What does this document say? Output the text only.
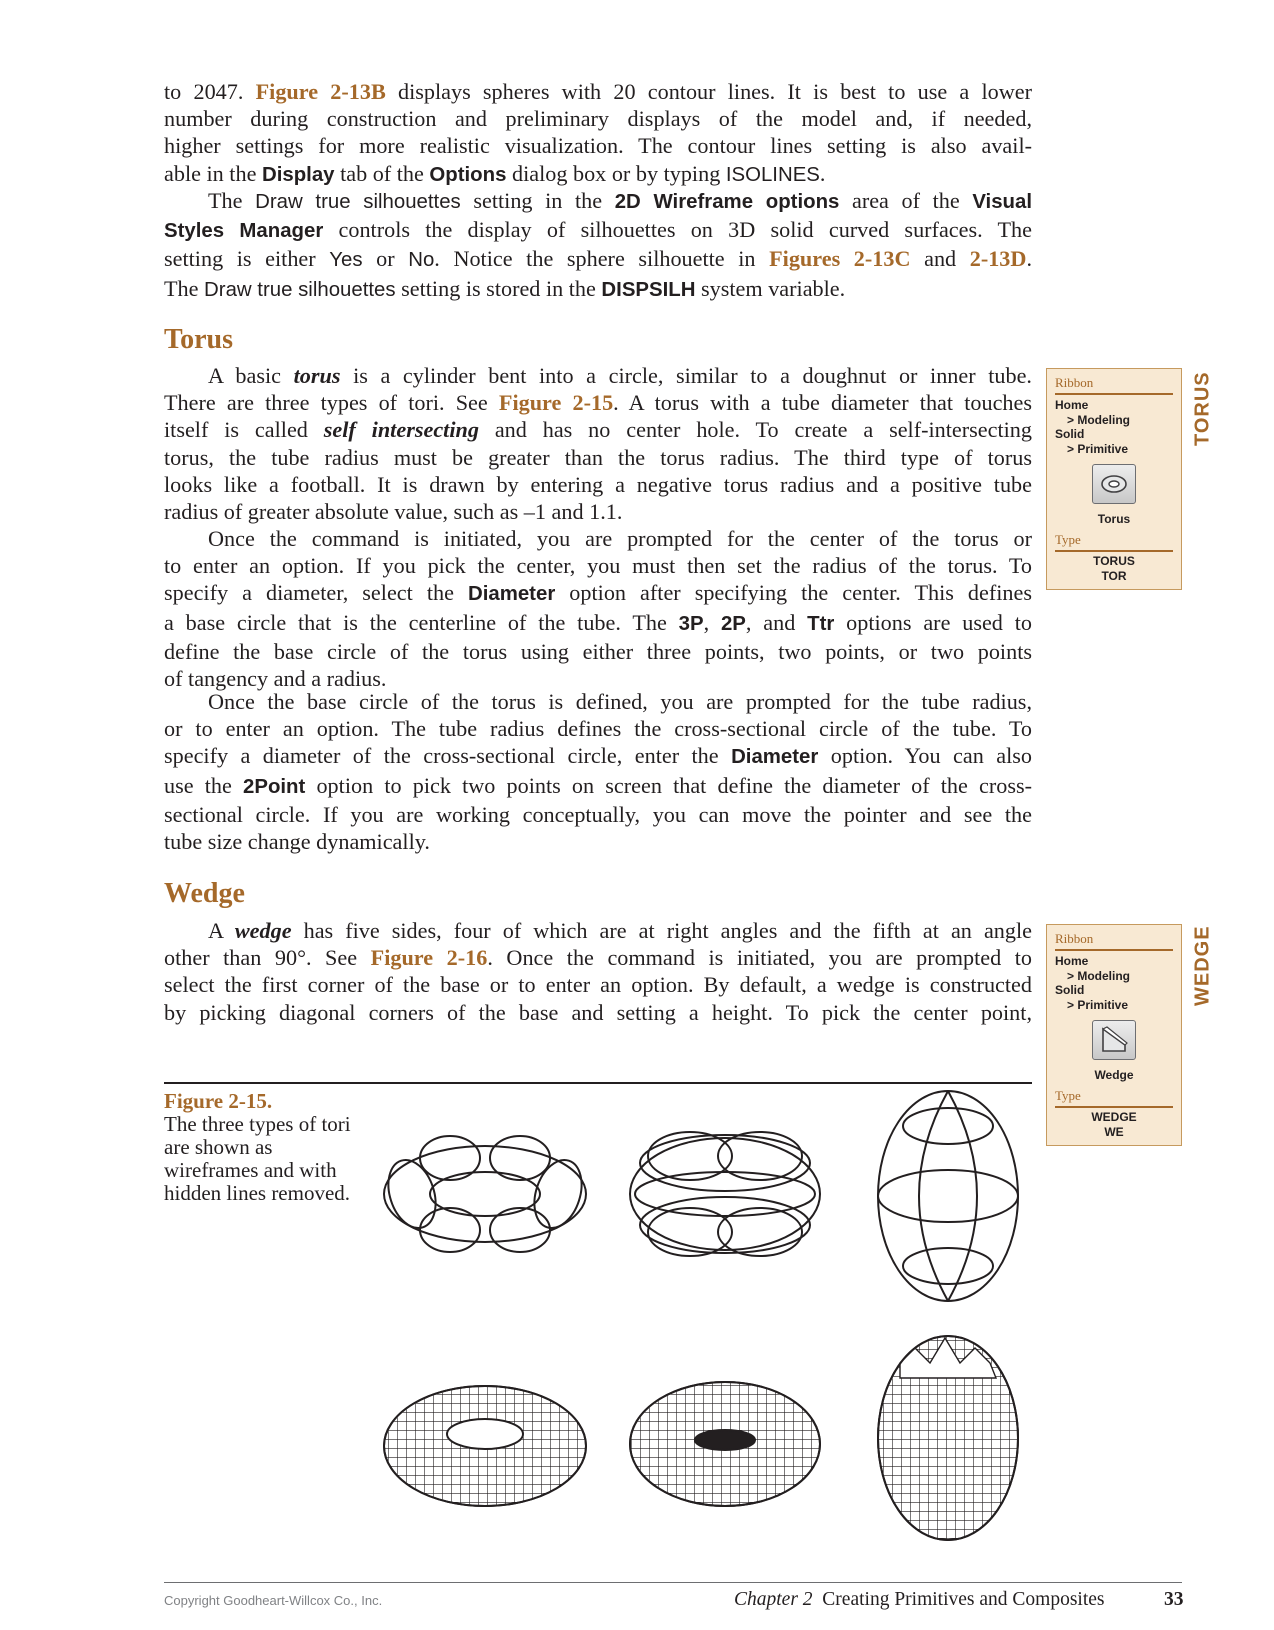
to 2047. Figure 2-13B displays spheres with 20 contour lines. It is best to use a lower
number during construction and preliminary displays of the model and, if needed,
higher settings for more realistic visualization. The contour lines setting is also avail-
able in the Display tab of the Options dialog box or by typing ISOLINES.
The Draw true silhouettes setting in the 2D Wireframe options area of the Visual
Styles Manager controls the display of silhouettes on 3D solid curved surfaces. The
setting is either Yes or No. Notice the sphere silhouette in Figures 2-13C and 2-13D.
The Draw true silhouettes setting is stored in the DISPSILH system variable.
Torus
A basic torus is a cylinder bent into a circle, similar to a doughnut or inner tube.
There are three types of tori. See Figure 2-15. A torus with a tube diameter that touches
itself is called self intersecting and has no center hole. To create a self-intersecting
torus, the tube radius must be greater than the torus radius. The third type of torus
looks like a football. It is drawn by entering a negative torus radius and a positive tube
radius of greater absolute value, such as –1 and 1.1.
Once the command is initiated, you are prompted for the center of the torus or
to enter an option. If you pick the center, you must then set the radius of the torus. To
specify a diameter, select the Diameter option after specifying the center. This defines
a base circle that is the centerline of the tube. The 3P, 2P, and Ttr options are used to
define the base circle of the torus using either three points, two points, or two points
of tangency and a radius.
Once the base circle of the torus is defined, you are prompted for the tube radius,
or to enter an option. The tube radius defines the cross-sectional circle of the tube. To
specify a diameter of the cross-sectional circle, enter the Diameter option. You can also
use the 2Point option to pick two points on screen that define the diameter of the cross-
sectional circle. If you are working conceptually, you can move the pointer and see the
tube size change dynamically.
Ribbon
Home
> Modeling
Solid
> Primitive
Torus
Type
TORUS
TOR
TORUS
Wedge
A wedge has five sides, four of which are at right angles and the fifth at an angle
other than 90°. See Figure 2-16. Once the command is initiated, you are prompted to
select the first corner of the base or to enter an option. By default, a wedge is constructed
by picking diagonal corners of the base and setting a height. To pick the center point,
Ribbon
Home
> Modeling
Solid
> Primitive
Wedge
Type
WEDGE
WE
WEDGE
Figure 2-15.
The three types of tori are shown as wireframes and with hidden lines removed.
Copyright Goodheart-Willcox Co., Inc.	Chapter 2 Creating Primitives and Composites	33
